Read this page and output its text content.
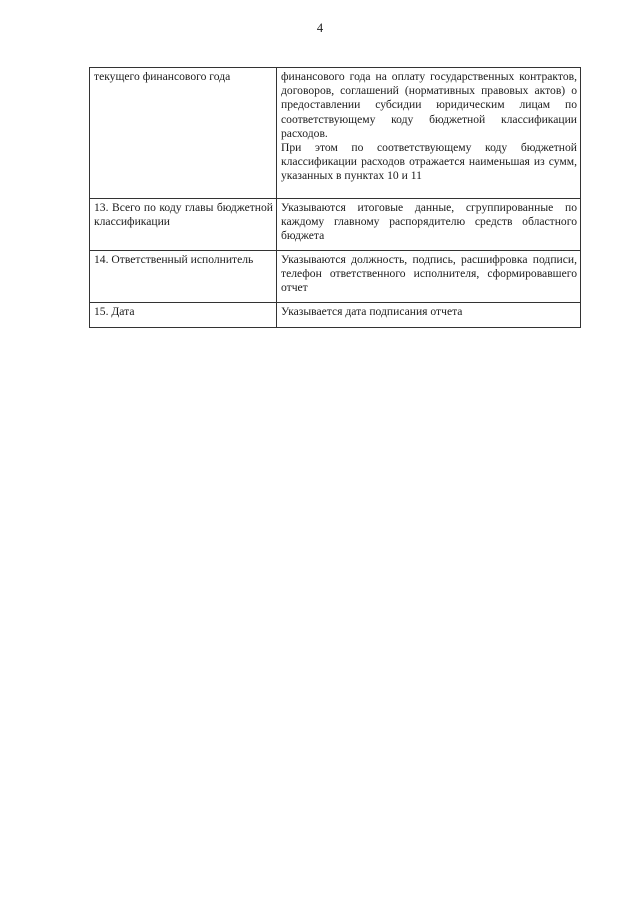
4
текущего финансового года	финансового года на оплату государственных контрактов, договоров, соглашений (нормативных правовых актов) о предоставлении субсидии юридическим лицам по соответствующему коду бюджетной классификации расходов.
При этом по соответствующему коду бюджетной классификации расходов отражается наименьшая из сумм, указанных в пунктах 10 и 11

13. Всего по коду главы бюджетной классификации	Указываются итоговые данные, сгруппированные по каждому главному распорядителю средств областного бюджета

14. Ответственный исполнитель	Указываются должность, подпись, расшифровка подписи, телефон ответственного исполнителя, сформировавшего отчет

15. Дата	Указывается дата подписания отчета
